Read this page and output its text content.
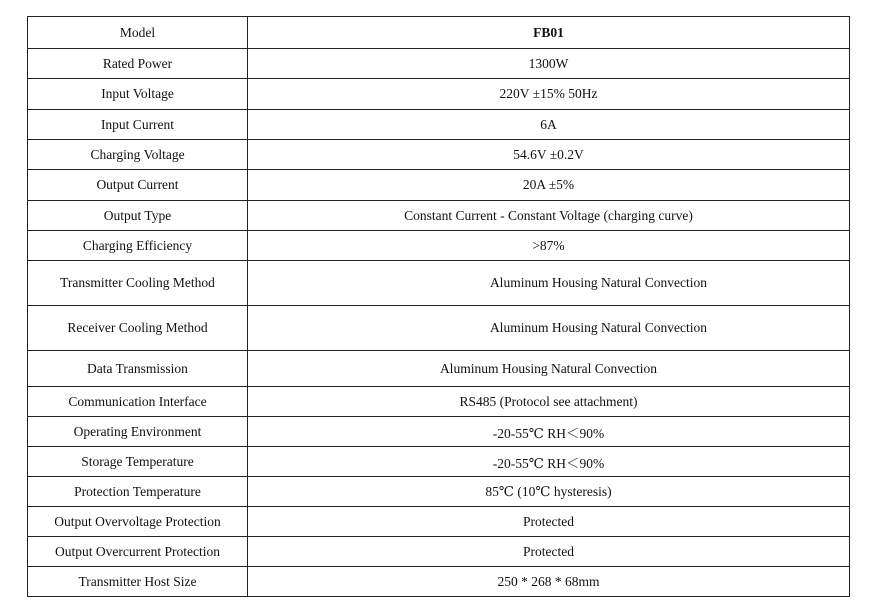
Model	FB01
Rated Power	1300W
Input Voltage	220V ±15% 50Hz
Input Current	6A
Charging Voltage	54.6V ±0.2V
Output Current	20A ±5%
Output Type	Constant Current - Constant Voltage (charging curve)
Charging Efficiency	>87%
Transmitter Cooling Method	Aluminum Housing Natural Convection
Receiver Cooling Method	Aluminum Housing Natural Convection
Data Transmission	Aluminum Housing Natural Convection
Communication Interface	RS485 (Protocol see attachment)
Operating Environment	-20-55℃ RH＜90%
Storage Temperature	-20-55℃ RH＜90%
Protection Temperature	85℃ (10℃ hysteresis)
Output Overvoltage Protection	Protected
Output Overcurrent Protection	Protected
Transmitter Host Size	250 * 268 * 68mm
